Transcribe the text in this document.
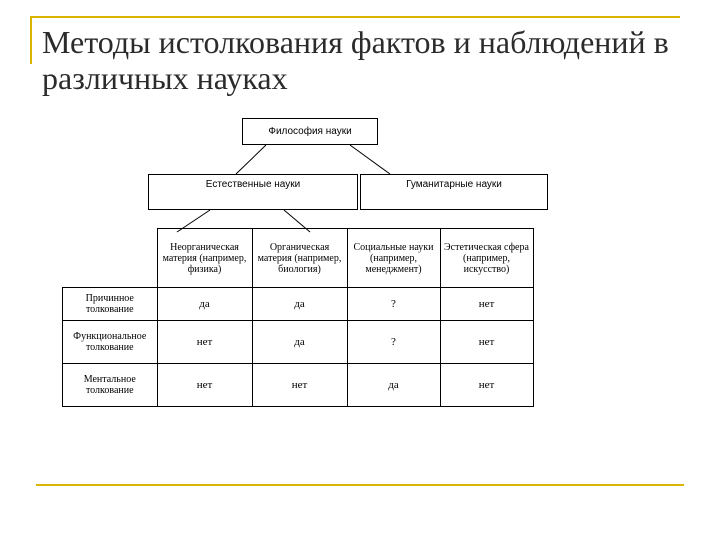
Методы истолкования фактов и наблюдений в различных науках
Философия науки
Естественные науки	Гуманитарные науки
	Неорганическая материя (например, физика)	Органическая материя (например, биология)	Социальные науки (например, менеджмент)	Эстетическая сфера (например, искусство)
Причинное толкование	да	да	?	нет
Функциональное толкование	нет	да	?	нет
Ментальное толкование	нет	нет	да	нет
